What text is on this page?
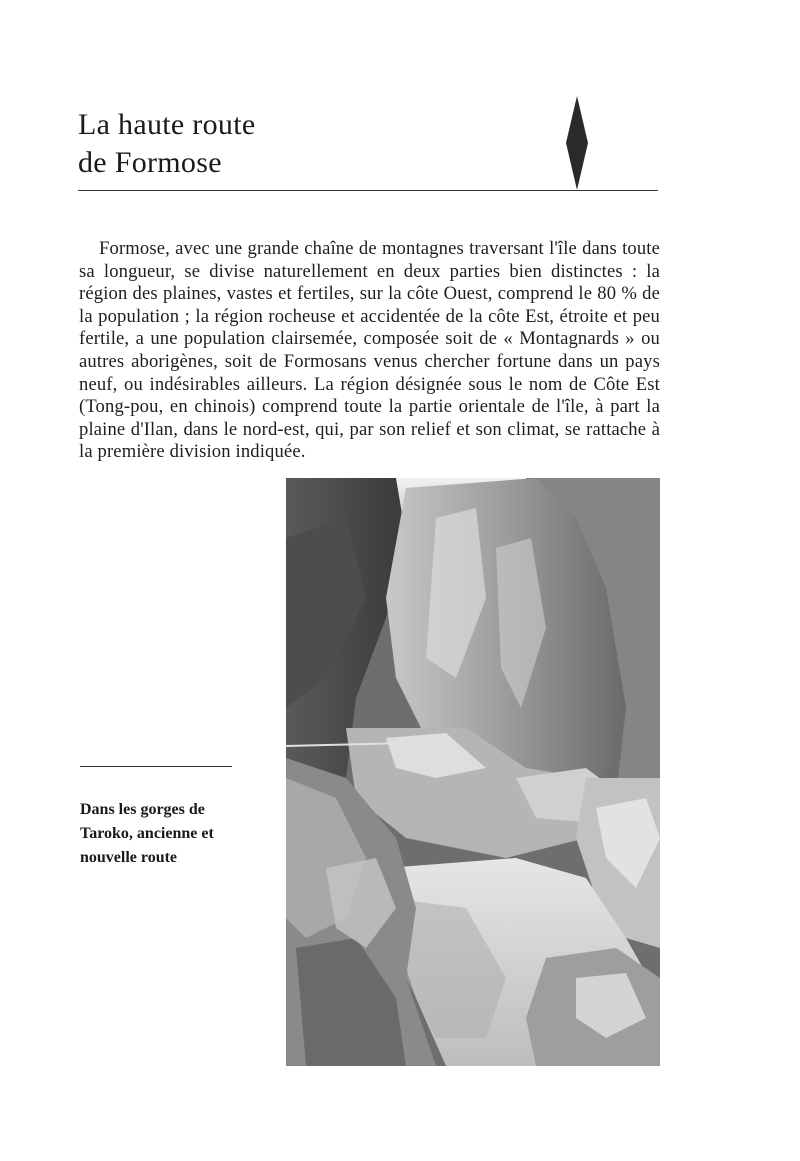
La haute route
de Formose

Formose, avec une grande chaîne de montagnes traversant l'île dans toute sa longueur, se divise naturellement en deux parties bien distinctes : la région des plaines, vastes et fertiles, sur la côte Ouest, comprend le 80 % de la population ; la région rocheuse et accidentée de la côte Est, étroite et peu fertile, a une population clairsemée, composée soit de « Montagnards » ou autres aborigènes, soit de Formosans venus chercher fortune dans un pays neuf, ou indésirables ailleurs. La région désignée sous le nom de Côte Est (Tong-pou, en chinois) comprend toute la partie orientale de l'île, à part la plaine d'Ilan, dans le nord-est, qui, par son relief et son climat, se rattache à la première division indiquée.

Dans les gorges de
Taroko, ancienne et
nouvelle route
